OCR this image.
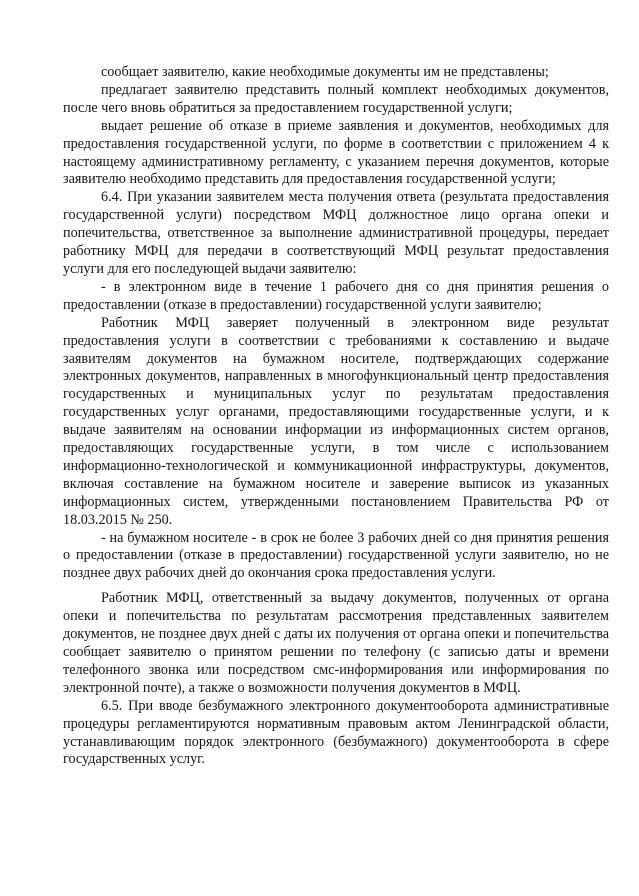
сообщает заявителю, какие необходимые документы им не представлены;

предлагает заявителю представить полный комплект необходимых документов, после чего вновь обратиться за предоставлением государственной услуги;

выдает решение об отказе в приеме заявления и документов, необходимых для предоставления государственной услуги, по форме в соответствии с приложением 4 к настоящему административному регламенту, с указанием перечня документов, которые заявителю необходимо представить для предоставления государственной услуги;

6.4. При указании заявителем места получения ответа (результата предоставления государственной услуги) посредством МФЦ должностное лицо органа опеки и попечительства, ответственное за выполнение административной процедуры, передает работнику МФЦ для передачи в соответствующий МФЦ результат предоставления услуги для его последующей выдачи заявителю:

- в электронном виде в течение 1 рабочего дня со дня принятия решения о предоставлении (отказе в предоставлении) государственной услуги заявителю;

Работник МФЦ заверяет полученный в электронном виде результат предоставления услуги в соответствии с требованиями к составлению и выдаче заявителям документов на бумажном носителе, подтверждающих содержание электронных документов, направленных в многофункциональный центр предоставления государственных и муниципальных услуг по результатам предоставления государственных услуг органами, предоставляющими государственные услуги, и к выдаче заявителям на основании информации из информационных систем органов, предоставляющих государственные услуги, в том числе с использованием информационно-технологической и коммуникационной инфраструктуры, документов, включая составление на бумажном носителе и заверение выписок из указанных информационных систем, утвержденными постановлением Правительства РФ от 18.03.2015 № 250.

- на бумажном носителе - в срок не более 3 рабочих дней со дня принятия решения о предоставлении (отказе в предоставлении) государственной услуги заявителю, но не позднее двух рабочих дней до окончания срока предоставления услуги.

Работник МФЦ, ответственный за выдачу документов, полученных от органа опеки и попечительства по результатам рассмотрения представленных заявителем документов, не позднее двух дней с даты их получения от органа опеки и попечительства сообщает заявителю о принятом решении по телефону (с записью даты и времени телефонного звонка или посредством смс-информирования или информирования по электронной почте), а также о возможности получения документов в МФЦ.

6.5. При вводе безбумажного электронного документооборота административные процедуры регламентируются нормативным правовым актом Ленинградской области, устанавливающим порядок электронного (безбумажного) документооборота в сфере государственных услуг.
